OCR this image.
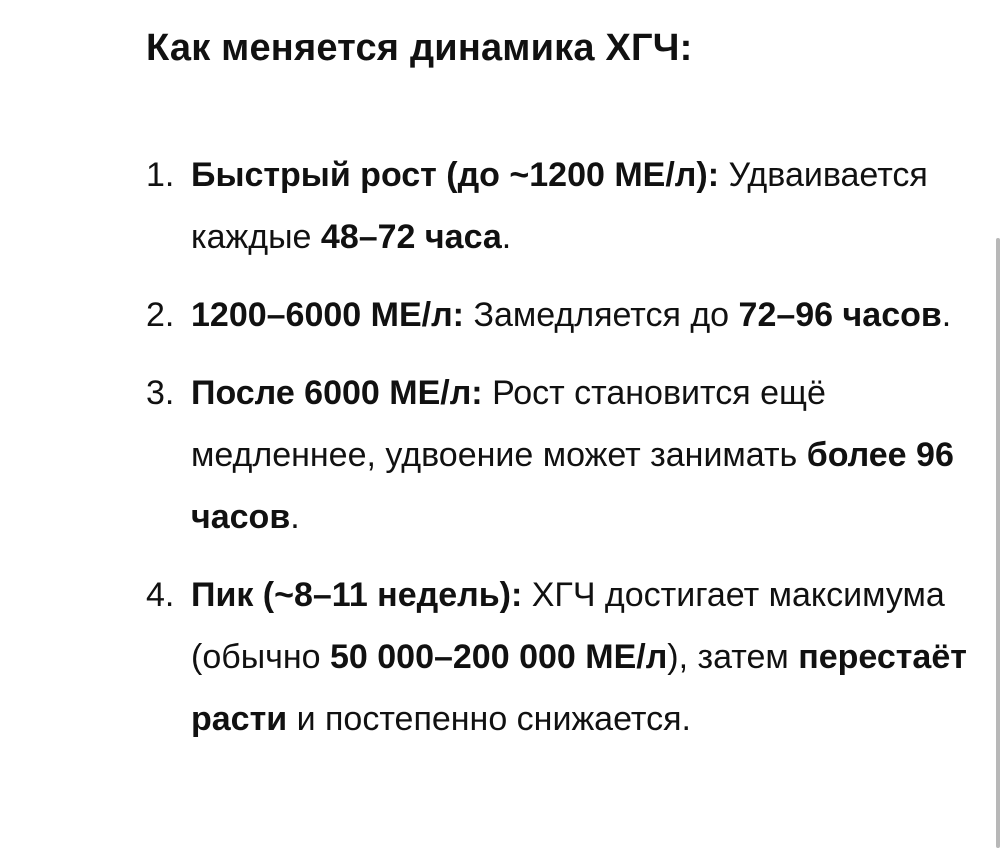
Как меняется динамика ХГЧ:
1. Быстрый рост (до ~1200 МЕ/л): Удваивается каждые 48–72 часа.
2. 1200–6000 МЕ/л: Замедляется до 72–96 часов.
3. После 6000 МЕ/л: Рост становится ещё медленнее, удвоение может занимать более 96 часов.
4. Пик (~8–11 недель): ХГЧ достигает максимума (обычно 50 000–200 000 МЕ/л), затем перестаёт расти и постепенно снижается.
